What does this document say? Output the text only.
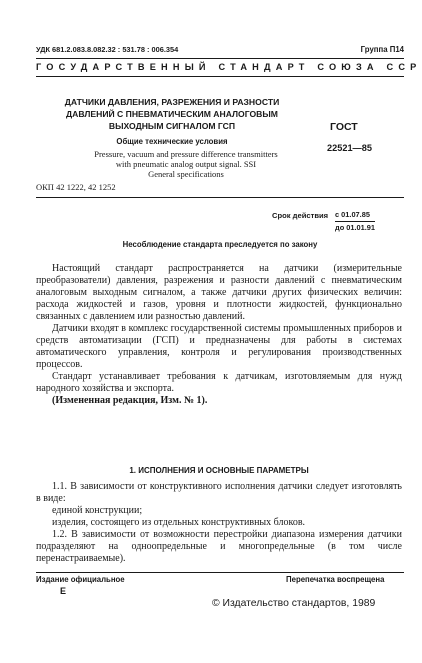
УДК 681.2.083.8.082.32 : 531.78 : 006.354	Группа П14
ГОСУДАРСТВЕННЫЙ СТАНДАРТ СОЮЗА ССР
ДАТЧИКИ ДАВЛЕНИЯ, РАЗРЕЖЕНИЯ И РАЗНОСТИ
ДАВЛЕНИЙ С ПНЕВМАТИЧЕСКИМ АНАЛОГОВЫМ
ВЫХОДНЫМ СИГНАЛОМ ГСП
Общие технические условия
Pressure, vacuum and pressure difference transmitters
with pneumatic analog output signal. SSI
General specifications
ОКП 42 1222, 42 1252
ГОСТ
22521—85
Срок действия с 01.07.85
до 01.01.91
Несоблюдение стандарта преследуется по закону

Настоящий стандарт распространяется на датчики (измерительные преобразователи) давления, разрежения и разности давлений с пневматическим аналоговым выходным сигналом, а также датчики других физических величин: расхода жидкостей и газов, уровня и плотности жидкостей, функционально связанных с давлением или разностью давлений.

Датчики входят в комплекс государственной системы промышленных приборов и средств автоматизации (ГСП) и предназначены для работы в системах автоматического управления, контроля и регулирования производственных процессов.

Стандарт устанавливает требования к датчикам, изготовляемым для нужд народного хозяйства и экспорта.

(Измененная редакция, Изм. № 1).

1. ИСПОЛНЕНИЯ И ОСНОВНЫЕ ПАРАМЕТРЫ

1.1. В зависимости от конструктивного исполнения датчики следует изготовлять в виде:

единой конструкции;

изделия, состоящего из отдельных конструктивных блоков.

1.2. В зависимости от возможности перестройки диапазона измерения датчики подразделяют на одноопредельные и многопредельные (в том числе перенастраиваемые).

Издание официальное
Е
Перепечатка воспрещена
© Издательство стандартов, 1989
